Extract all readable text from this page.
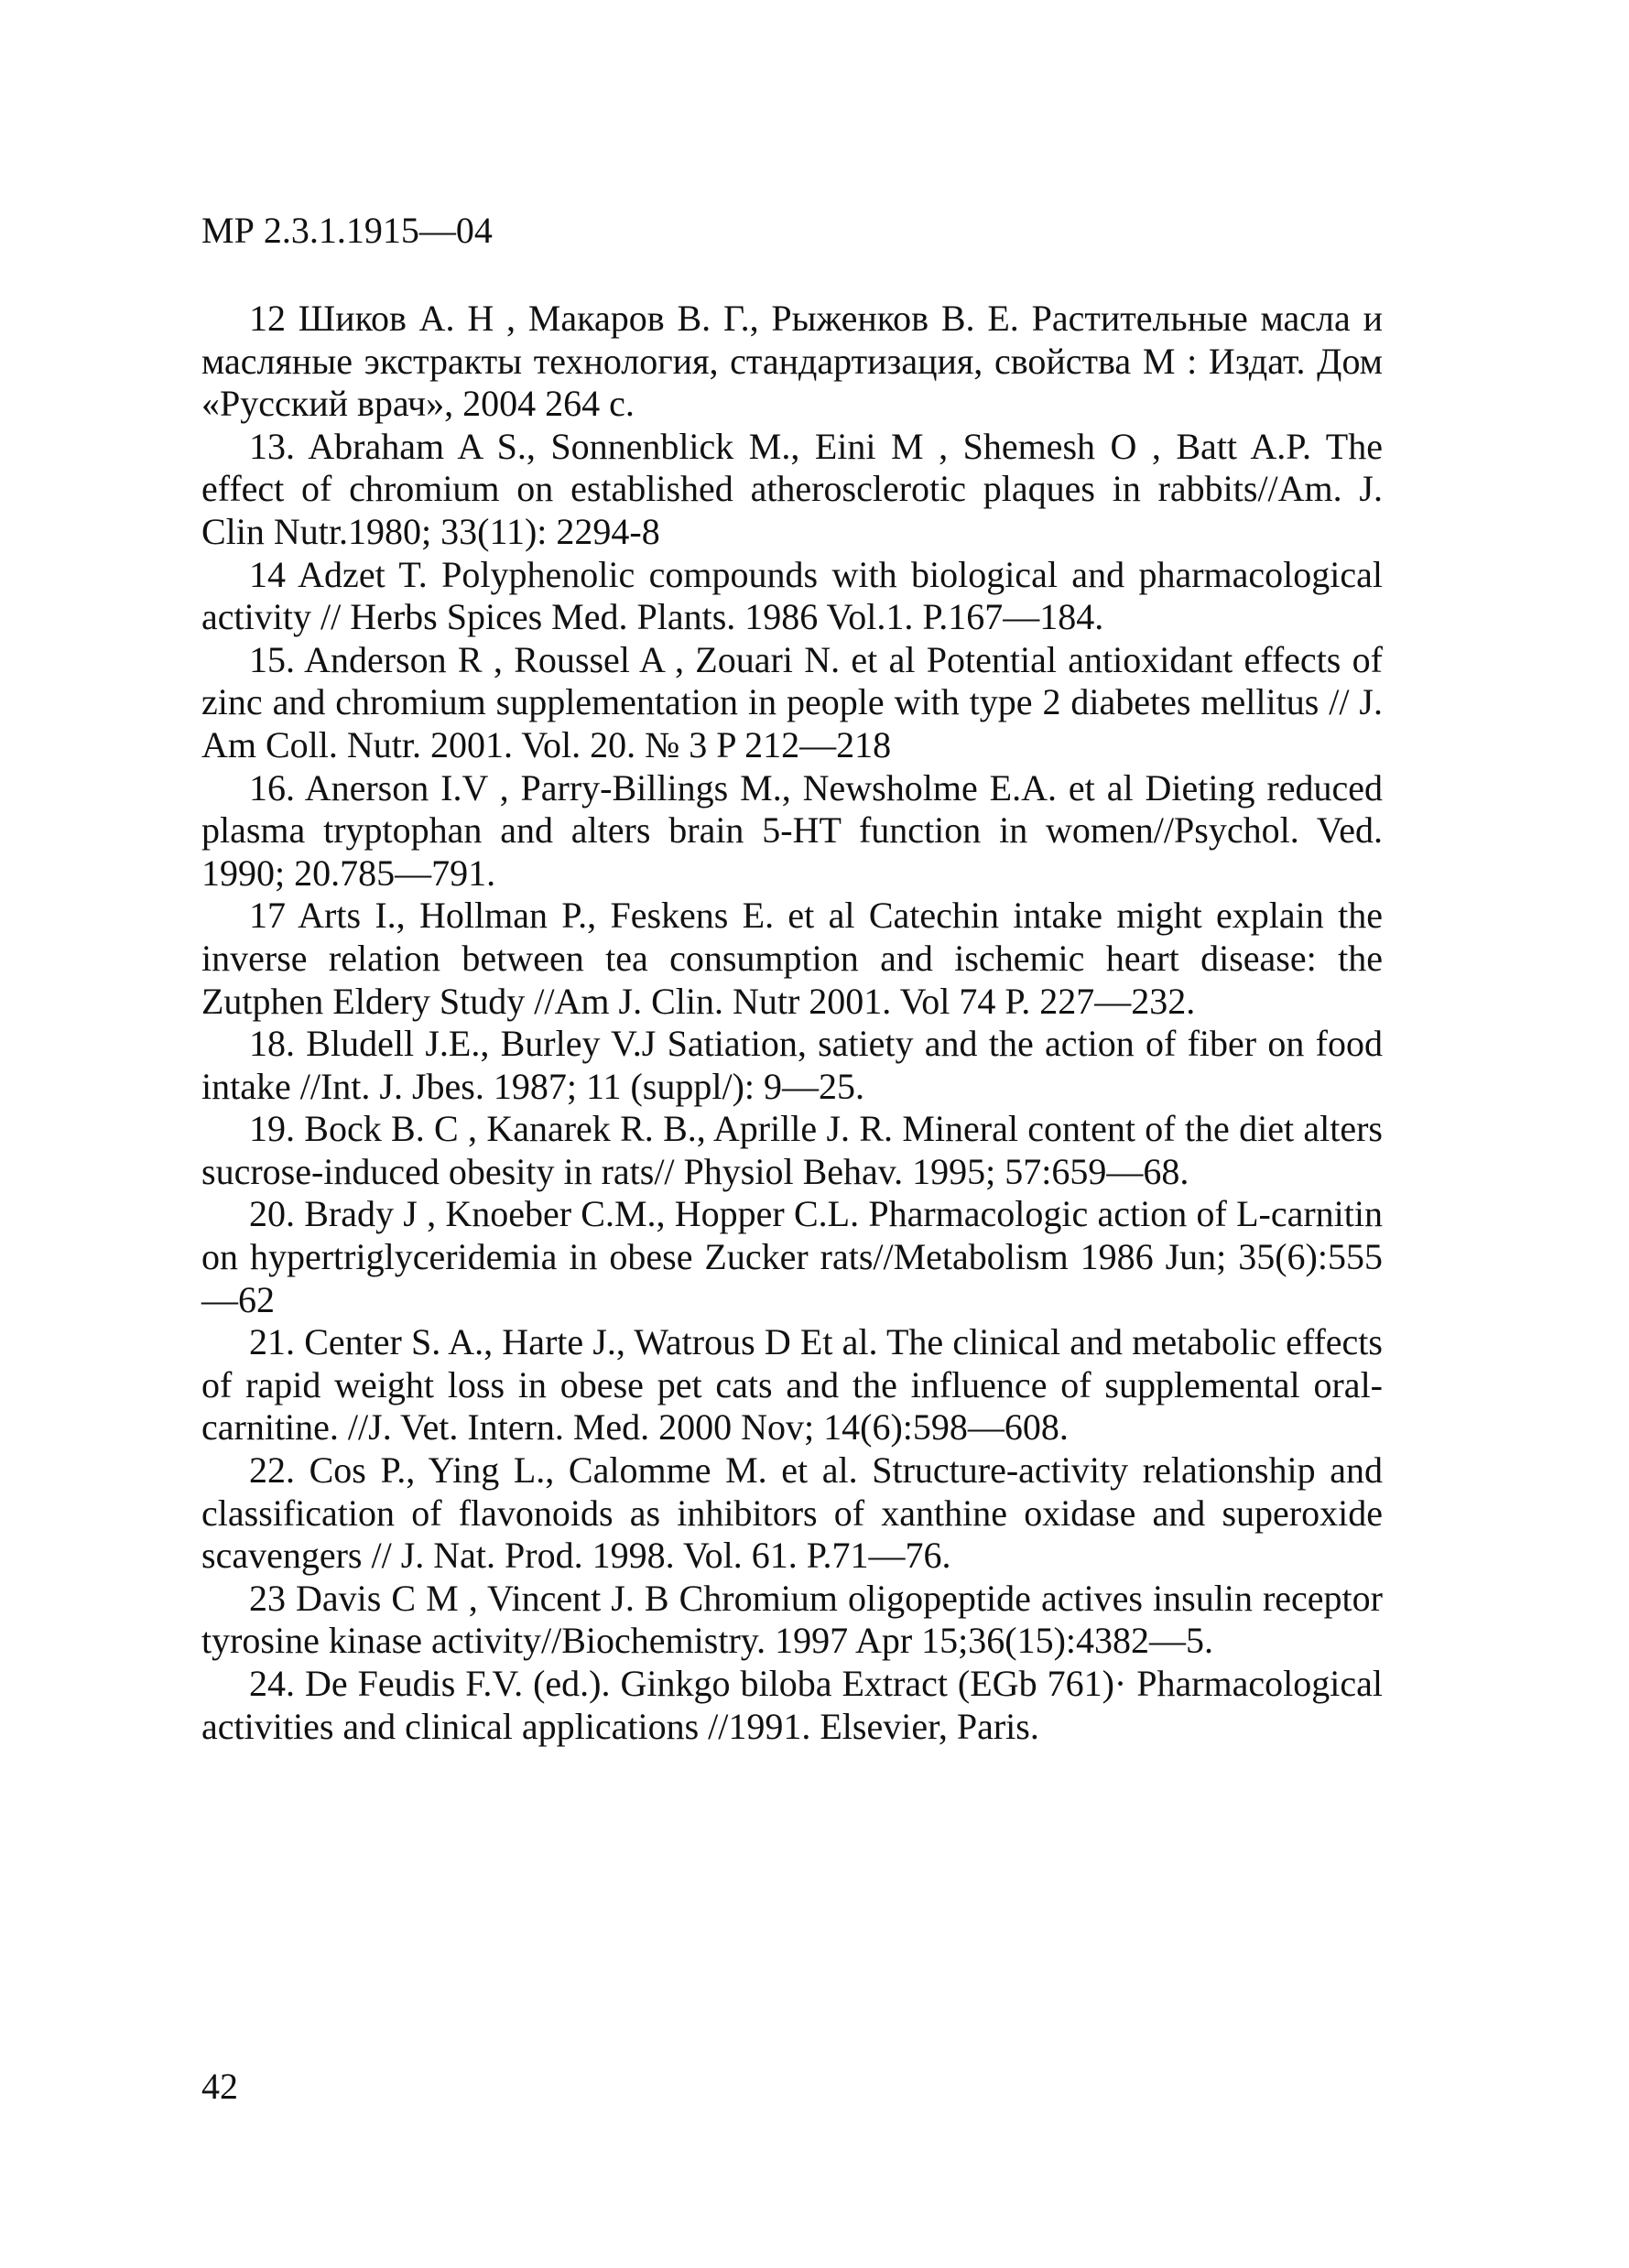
МР 2.3.1.1915—04

12 Шиков А. Н , Макаров В. Г., Рыженков В. Е. Растительные масла и масляные экстракты технология, стандартизация, свойства М : Издат. Дом «Русский врач», 2004 264 с.

13. Abraham A S., Sonnenblick M., Eini M , Shemesh O , Batt A.P. The effect of chromium on established atherosclerotic plaques in rabbits//Am. J. Clin Nutr.1980; 33(11): 2294-8

14 Adzet T. Polyphenolic compounds with biological and pharmacological activity // Herbs Spices Med. Plants. 1986 Vol.1. P.167—184.

15. Anderson R , Roussel A , Zouari N. et al Potential antioxidant effects of zinc and chromium supplementation in people with type 2 diabetes mellitus // J. Am Coll. Nutr. 2001. Vol. 20. № 3 P 212—218

16. Anerson I.V , Parry-Billings M., Newsholme E.A. et al Dieting reduced plasma tryptophan and alters brain 5-HT function in women//Psychol. Ved. 1990; 20.785—791.

17 Arts I., Hollman P., Feskens E. et al Catechin intake might explain the inverse relation between tea consumption and ischemic heart disease: the Zutphen Eldery Study //Am J. Clin. Nutr 2001. Vol 74 P. 227—232.

18. Bludell J.E., Burley V.J Satiation, satiety and the action of fiber on food intake //Int. J. Jbes. 1987; 11 (suppl/): 9—25.

19. Bock B. C , Kanarek R. B., Aprille J. R. Mineral content of the diet alters sucrose-induced obesity in rats// Physiol Behav. 1995; 57:659—68.

20. Brady J , Knoeber C.M., Hopper C.L. Pharmacologic action of L-carnitin on hypertriglyceridemia in obese Zucker rats//Metabolism 1986 Jun; 35(6):555—62

21. Center S. A., Harte J., Watrous D Et al. The clinical and metabolic effects of rapid weight loss in obese pet cats and the influence of supplemental oral-carnitine. //J. Vet. Intern. Med. 2000 Nov; 14(6):598—608.

22. Cos P., Ying L., Calomme M. et al. Structure-activity relationship and classification of flavonoids as inhibitors of xanthine oxidase and superoxide scavengers // J. Nat. Prod. 1998. Vol. 61. P.71—76.

23 Davis C M , Vincent J. B Chromium oligopeptide actives insulin receptor tyrosine kinase activity//Biochemistry. 1997 Apr 15;36(15):4382—5.

24. De Feudis F.V. (ed.). Ginkgo biloba Extract (EGb 761)· Pharmacological activities and clinical applications //1991. Elsevier, Paris.

42
